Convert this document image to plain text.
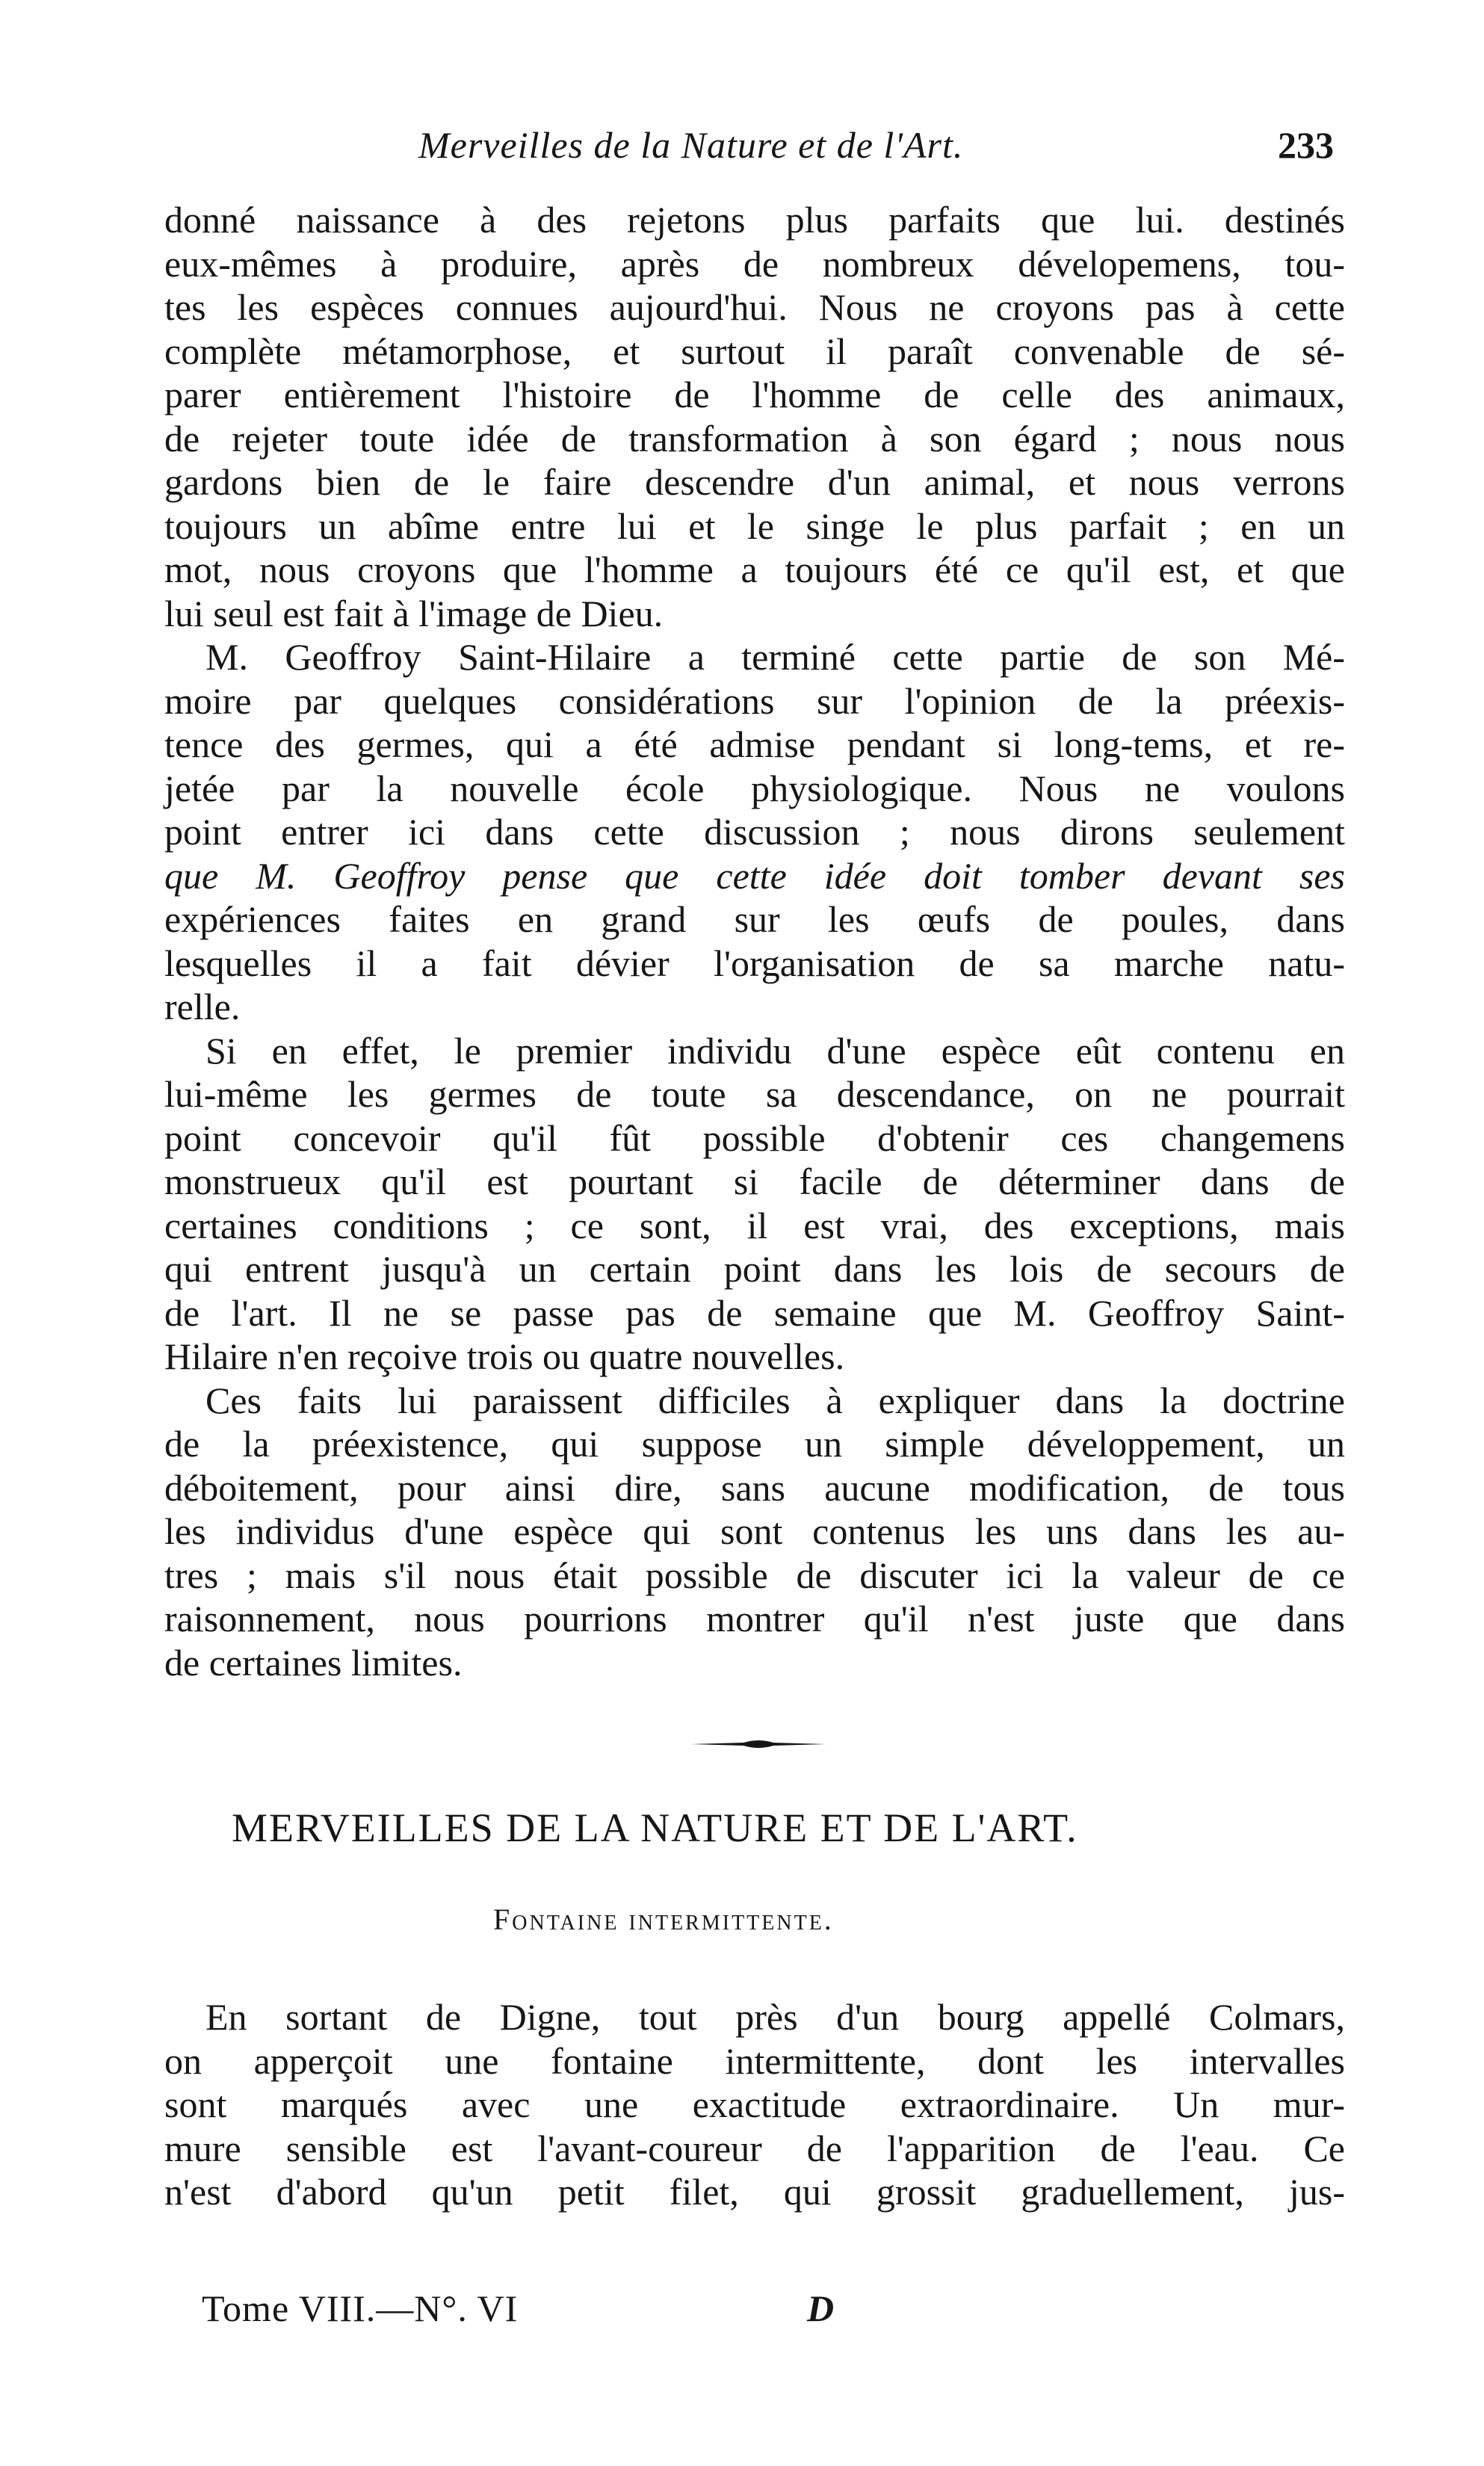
Merveilles de la Nature et de l'Art.	233
donné naissance à des rejetons plus parfaits que lui. destinés
eux-mêmes à produire, après de nombreux dévelopemens, tou-
tes les espèces connues aujourd'hui. Nous ne croyons pas à cette
complète métamorphose, et surtout il paraît convenable de sé-
parer entièrement l'histoire de l'homme de celle des animaux,
de rejeter toute idée de transformation à son égard ; nous nous
gardons bien de le faire descendre d'un animal, et nous verrons
toujours un abîme entre lui et le singe le plus parfait ; en un
mot, nous croyons que l'homme a toujours été ce qu'il est, et que
lui seul est fait à l'image de Dieu.
M. Geoffroy Saint-Hilaire a terminé cette partie de son Mé-
moire par quelques considérations sur l'opinion de la préexis-
tence des germes, qui a été admise pendant si long-tems, et re-
jetée par la nouvelle école physiologique. Nous ne voulons
point entrer ici dans cette discussion ; nous dirons seulement
que M. Geoffroy pense que cette idée doit tomber devant ses
expériences faites en grand sur les œufs de poules, dans
lesquelles il a fait dévier l'organisation de sa marche natu-
relle.
Si en effet, le premier individu d'une espèce eût contenu en
lui-même les germes de toute sa descendance, on ne pourrait
point concevoir qu'il fût possible d'obtenir ces changemens
monstrueux qu'il est pourtant si facile de déterminer dans de
certaines conditions ; ce sont, il est vrai, des exceptions, mais
qui entrent jusqu'à un certain point dans les lois de secours de
de l'art. Il ne se passe pas de semaine que M. Geoffroy Saint-
Hilaire n'en reçoive trois ou quatre nouvelles.
Ces faits lui paraissent difficiles à expliquer dans la doctrine
de la préexistence, qui suppose un simple développement, un
déboitement, pour ainsi dire, sans aucune modification, de tous
les individus d'une espèce qui sont contenus les uns dans les au-
tres ; mais s'il nous était possible de discuter ici la valeur de ce
raisonnement, nous pourrions montrer qu'il n'est juste que dans
de certaines limites.
MERVEILLES DE LA NATURE ET DE L'ART.
Fontaine intermittente.
En sortant de Digne, tout près d'un bourg appellé Colmars,
on apperçoit une fontaine intermittente, dont les intervalles
sont marqués avec une exactitude extraordinaire. Un mur-
mure sensible est l'avant-coureur de l'apparition de l'eau. Ce
n'est d'abord qu'un petit filet, qui grossit graduellement, jus-
Tome VIII.—N°. VI	D
